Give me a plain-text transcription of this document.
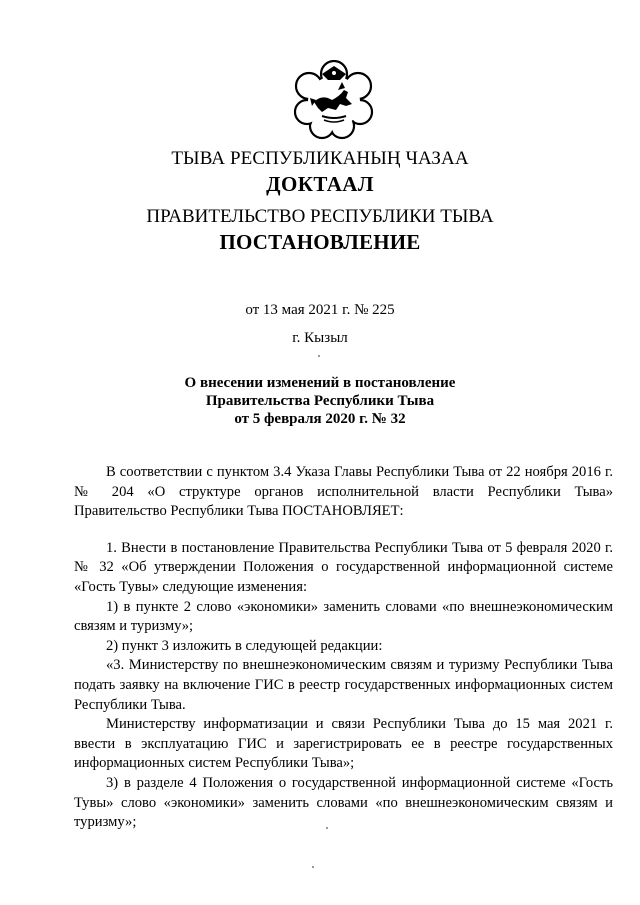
ТЫВА РЕСПУБЛИКАНЫҢ ЧАЗАА
ДОКТААЛ
ПРАВИТЕЛЬСТВО РЕСПУБЛИКИ ТЫВА
ПОСТАНОВЛЕНИЕ
от 13 мая 2021 г. № 225
г. Кызыл
О внесении изменений в постановление
Правительства Республики Тыва
от 5 февраля 2020 г. № 32

В соответствии с пунктом 3.4 Указа Главы Республики Тыва от 22 ноября 2016 г. № 204 «О структуре органов исполнительной власти Республики Тыва» Правительство Республики Тыва ПОСТАНОВЛЯЕТ:

1. Внести в постановление Правительства Республики Тыва от 5 февраля 2020 г. № 32 «Об утверждении Положения о государственной информационной системе «Гость Тувы» следующие изменения:

1) в пункте 2 слово «экономики» заменить словами «по внешнеэкономическим связям и туризму»;

2) пункт 3 изложить в следующей редакции:

«3. Министерству по внешнеэкономическим связям и туризму Республики Тыва подать заявку на включение ГИС в реестр государственных информационных систем Республики Тыва.

Министерству информатизации и связи Республики Тыва до 15 мая 2021 г. ввести в эксплуатацию ГИС и зарегистрировать ее в реестре государственных информационных систем Республики Тыва»;

3) в разделе 4 Положения о государственной информационной системе «Гость Тувы» слово «экономики» заменить словами «по внешнеэкономическим связям и туризму»;
